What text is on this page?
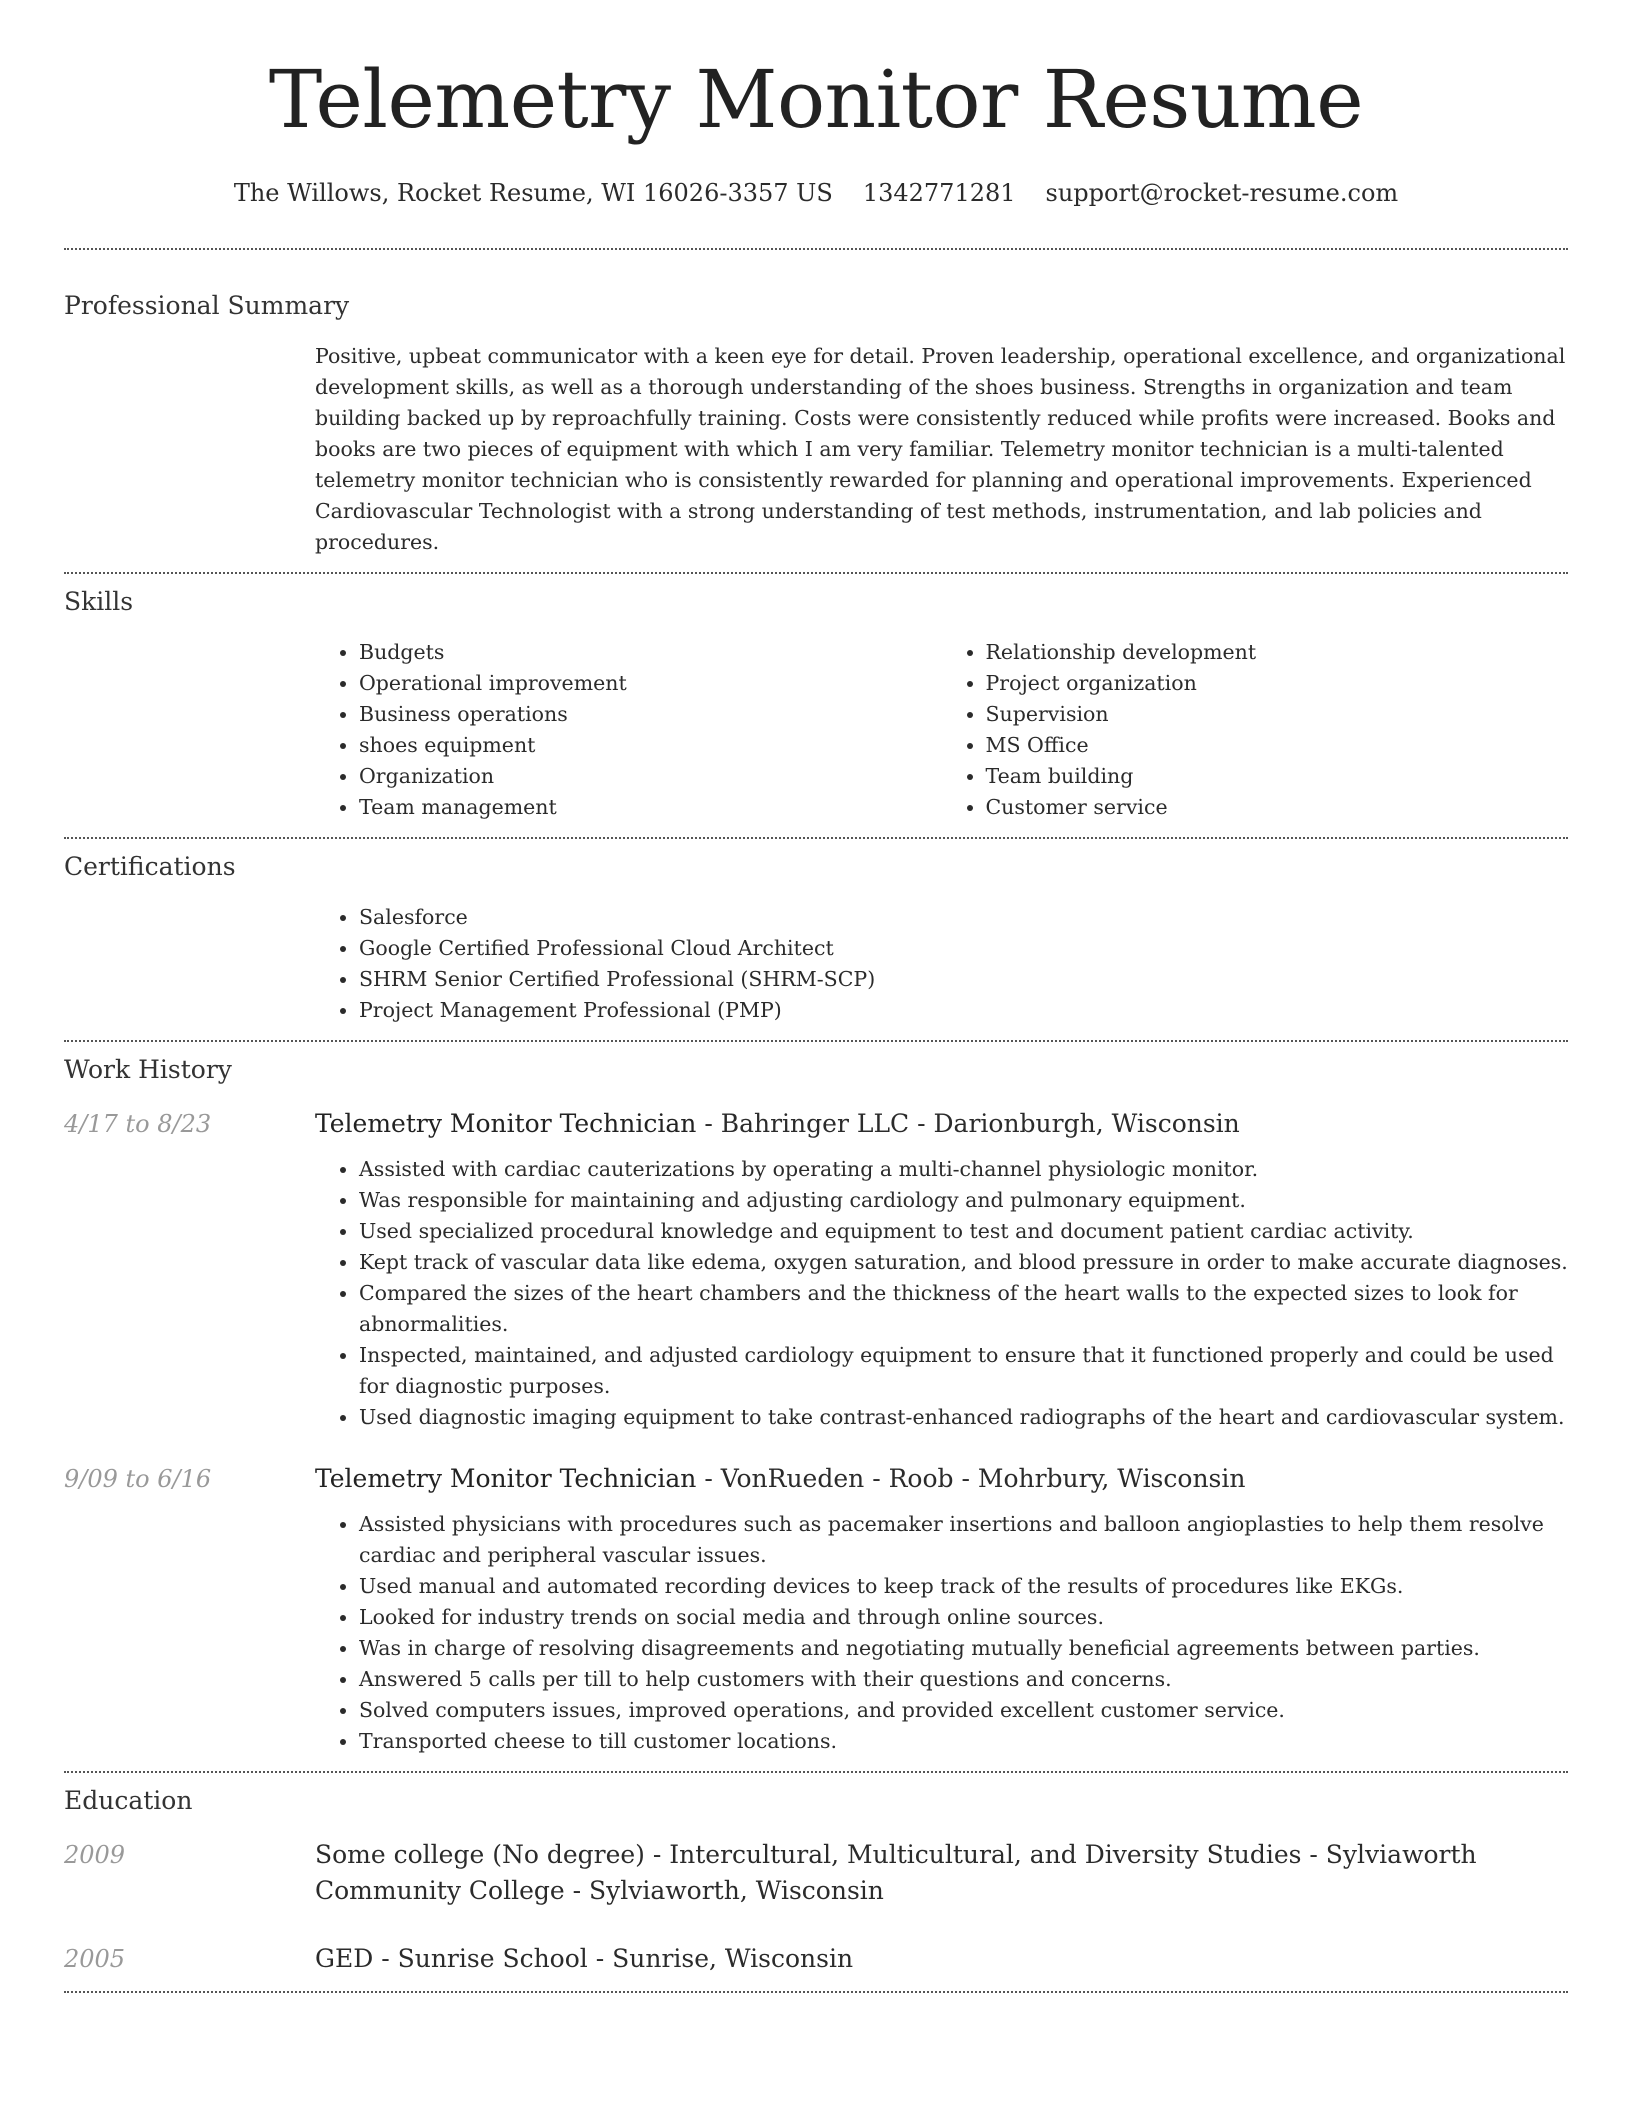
Telemetry Monitor Resume
The Willows, Rocket Resume, WI 16026-3357 US 1342771281 support@rocket-resume.com
Professional Summary

Positive, upbeat communicator with a keen eye for detail. Proven leadership, operational excellence, and organizational development skills, as well as a thorough understanding of the shoes business. Strengths in organization and team building backed up by reproachfully training. Costs were consistently reduced while profits were increased. Books and books are two pieces of equipment with which I am very familiar. Telemetry monitor technician is a multi-talented telemetry monitor technician who is consistently rewarded for planning and operational improvements. Experienced Cardiovascular Technologist with a strong understanding of test methods, instrumentation, and lab policies and procedures.

Skills
• Budgets
• Operational improvement
• Business operations
• shoes equipment
• Organization
• Team management
• Relationship development
• Project organization
• Supervision
• MS Office
• Team building
• Customer service
Certifications
• Salesforce
• Google Certified Professional Cloud Architect
• SHRM Senior Certified Professional (SHRM-SCP)
• Project Management Professional (PMP)
Work History
4/17 to 8/23	Telemetry Monitor Technician - Bahringer LLC - Darionburgh, Wisconsin
• Assisted with cardiac cauterizations by operating a multi-channel physiologic monitor.
• Was responsible for maintaining and adjusting cardiology and pulmonary equipment.
• Used specialized procedural knowledge and equipment to test and document patient cardiac activity.
• Kept track of vascular data like edema, oxygen saturation, and blood pressure in order to make accurate diagnoses.
• Compared the sizes of the heart chambers and the thickness of the heart walls to the expected sizes to look for abnormalities.
• Inspected, maintained, and adjusted cardiology equipment to ensure that it functioned properly and could be used for diagnostic purposes.
• Used diagnostic imaging equipment to take contrast-enhanced radiographs of the heart and cardiovascular system.
9/09 to 6/16	Telemetry Monitor Technician - VonRueden - Roob - Mohrbury, Wisconsin
• Assisted physicians with procedures such as pacemaker insertions and balloon angioplasties to help them resolve cardiac and peripheral vascular issues.
• Used manual and automated recording devices to keep track of the results of procedures like EKGs.
• Looked for industry trends on social media and through online sources.
• Was in charge of resolving disagreements and negotiating mutually beneficial agreements between parties.
• Answered 5 calls per till to help customers with their questions and concerns.
• Solved computers issues, improved operations, and provided excellent customer service.
• Transported cheese to till customer locations.
Education
2009	Some college (No degree) - Intercultural, Multicultural, and Diversity Studies - Sylviaworth Community College - Sylviaworth, Wisconsin
2005	GED - Sunrise School - Sunrise, Wisconsin
